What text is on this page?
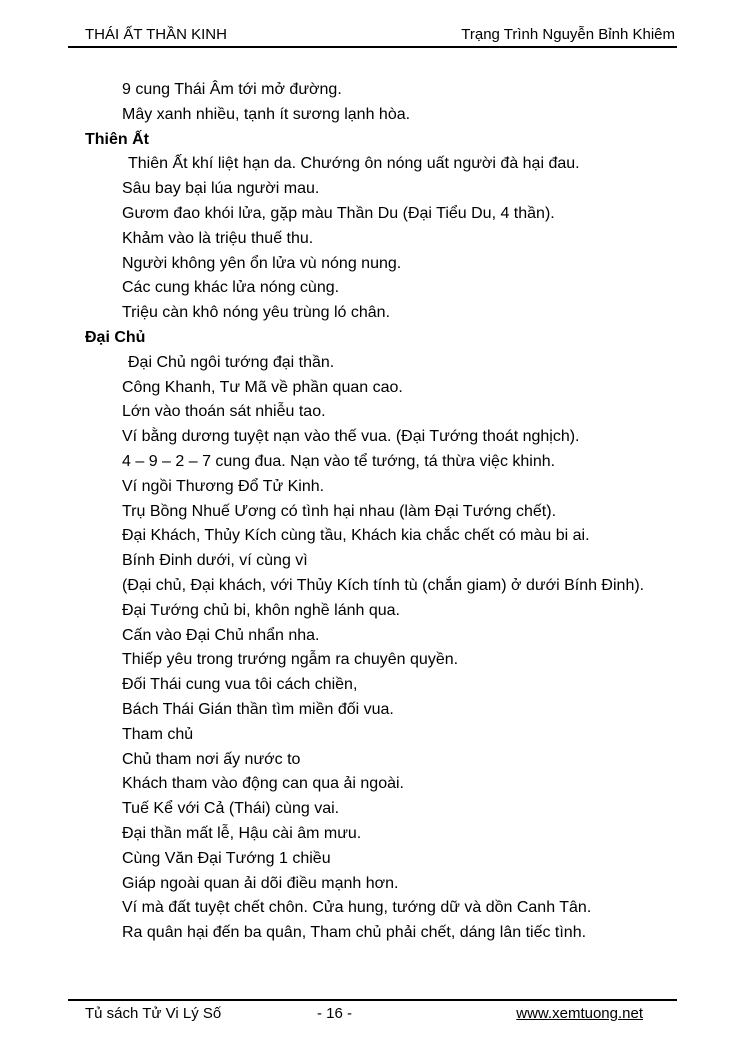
THÁI ẤT THẦN KINH	Trạng Trình Nguyễn Bỉnh Khiêm
9 cung Thái Âm tới mở đường.
Mây xanh nhiều, tạnh ít sương lạnh hòa.
Thiên Ất
Thiên Ất khí liệt hạn da. Chướng ôn nóng uất người đà hại đau.
Sâu bay bại lúa người mau.
Gươm đao khói lửa, gặp màu Thần Du (Đại Tiểu Du, 4 thần).
Khảm vào là triệu thuế thu.
Người không yên ổn lửa vù nóng nung.
Các cung khác lửa nóng cùng.
Triệu càn khô nóng yêu trùng ló chân.
Đại Chủ
Đại Chủ ngôi tướng đại thần.
Công Khanh, Tư Mã về phần quan cao.
Lớn vào thoán sát nhiễu tao.
Ví bằng dương tuyệt nạn vào thế vua. (Đại Tướng thoát nghịch).
4 – 9 – 2 – 7 cung đua. Nạn vào tể tướng, tá thừa việc khinh.
Ví ngồi Thương Đổ Tử Kinh.
Trụ Bồng Nhuế Ương có tình hại nhau (làm Đại Tướng chết).
Đại Khách, Thủy Kích cùng tầu, Khách kia chắc chết có màu bi ai.
Bính Đinh dưới, ví cùng vì
(Đại chủ, Đại khách, với Thủy Kích tính tù (chắn giam) ở dưới Bính Đinh).
Đại Tướng chủ bi, khôn nghề lánh qua.
Cấn vào Đại Chủ nhẩn nha.
Thiếp yêu trong trướng ngẫm ra chuyên quyền.
Đối Thái cung vua tôi cách chiền,
Bách Thái Gián thần tìm miền đối vua.
Tham chủ
Chủ tham nơi ấy nước to
Khách tham vào động can qua ải ngoài.
Tuế Kể với Cả (Thái) cùng vai.
Đại thần mất lễ, Hậu cài âm mưu.
Cùng Văn Đại Tướng 1 chiều
Giáp ngoài quan ải dõi điều mạnh hơn.
Ví mà đất tuyệt chết chôn. Cửa hung, tướng dữ và dồn Canh Tân.
Ra quân hại đến ba quân, Tham chủ phải chết, dáng lân tiếc tình.
Tủ sách Tử Vi Lý Số	- 16 -	www.xemtuong.net
